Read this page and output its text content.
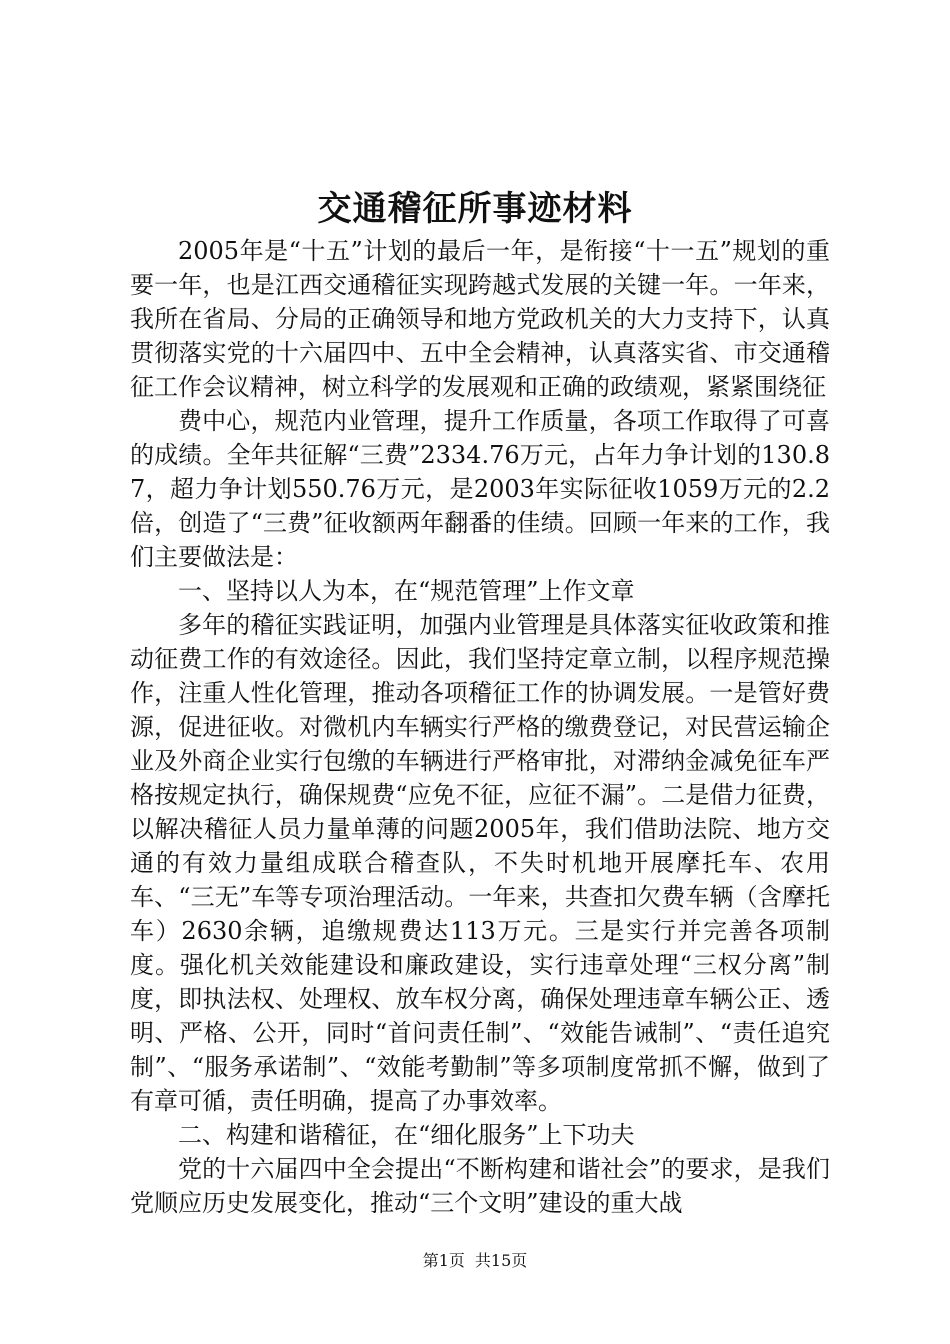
交通稽征所事迹材料

2005年是“十五”计划的最后一年，是衔接“十一五”规划的重要一年，也是江西交通稽征实现跨越式发展的关键一年。一年来，我所在省局、分局的正确领导和地方党政机关的大力支持下，认真贯彻落实党的十六届四中、五中全会精神，认真落实省、市交通稽征工作会议精神，树立科学的发展观和正确的政绩观，紧紧围绕征

费中心，规范内业管理，提升工作质量，各项工作取得了可喜的成绩。全年共征解“三费”2334.76万元，占年力争计划的130.87，超力争计划550.76万元，是2003年实际征收1059万元的2.2倍，创造了“三费”征收额两年翻番的佳绩。回顾一年来的工作，我们主要做法是：

一、坚持以人为本，在“规范管理”上作文章

多年的稽征实践证明，加强内业管理是具体落实征收政策和推动征费工作的有效途径。因此，我们坚持定章立制，以程序规范操作，注重人性化管理，推动各项稽征工作的协调发展。一是管好费源，促进征收。对微机内车辆实行严格的缴费登记，对民营运输企业及外商企业实行包缴的车辆进行严格审批，对滞纳金减免征车严格按规定执行，确保规费“应免不征，应征不漏”。二是借力征费，以解决稽征人员力量单薄的问题2005年，我们借助法院、地方交通的有效力量组成联合稽查队，不失时机地开展摩托车、农用车、“三无”车等专项治理活动。一年来，共查扣欠费车辆（含摩托车）2630余辆，追缴规费达113万元。三是实行并完善各项制度。强化机关效能建设和廉政建设，实行违章处理“三权分离”制度，即执法权、处理权、放车权分离，确保处理违章车辆公正、透明、严格、公开，同时“首问责任制”、“效能告诫制”、“责任追究制”、“服务承诺制”、“效能考勤制”等多项制度常抓不懈，做到了有章可循，责任明确，提高了办事效率。

二、构建和谐稽征，在“细化服务”上下功夫

党的十六届四中全会提出“不断构建和谐社会”的要求，是我们党顺应历史发展变化，推动“三个文明”建设的重大战

第1页 共15页
